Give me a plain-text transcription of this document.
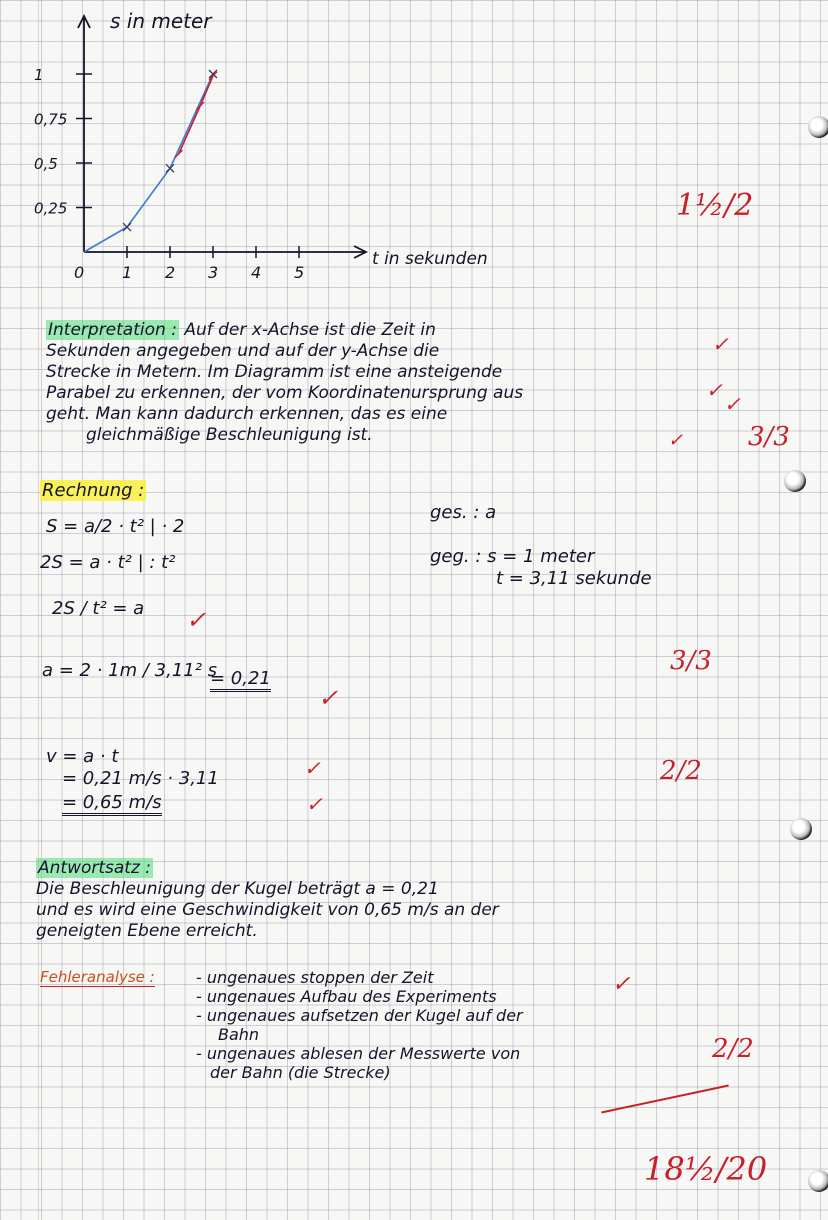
0 1 2 3 4 5
0,25
0,5
0,75
1
s in meter
t in sekunden
1½/2
Interpretation : Auf der x-Achse ist die Zeit in
Sekunden angegeben und auf der y-Achse die
Strecke in Metern. Im Diagramm ist eine ansteigende
Parabel zu erkennen, der vom Koordinatenursprung aus
geht. Man kann dadurch erkennen, das es eine
gleichmäßige Beschleunigung ist.
✓
✓
✓
✓ 3/3
Rechnung :
S = a/2 · t² | · 2
2S = a · t² | : t²
2S / t² = a ✓
ges. : a
geg. : s = 1 meter
t = 3,11 sekunde
a = 2 · 1m / 3,11² s
= 0,21
✓
3/3
v = a · t
= 0,21 m/s · 3,11
= 0,65 m/s
✓
✓
2/2
Antwortsatz :
Die Beschleunigung der Kugel beträgt a = 0,21
und es wird eine Geschwindigkeit von 0,65 m/s an der
geneigten Ebene erreicht.
Fehleranalyse :	- ungenaues stoppen der Zeit
- ungenaues Aufbau des Experiments
- ungenaues aufsetzen der Kugel auf der
Bahn
- ungenaues ablesen der Messwerte von
der Bahn (die Strecke)
✓
2/2
18½/20
